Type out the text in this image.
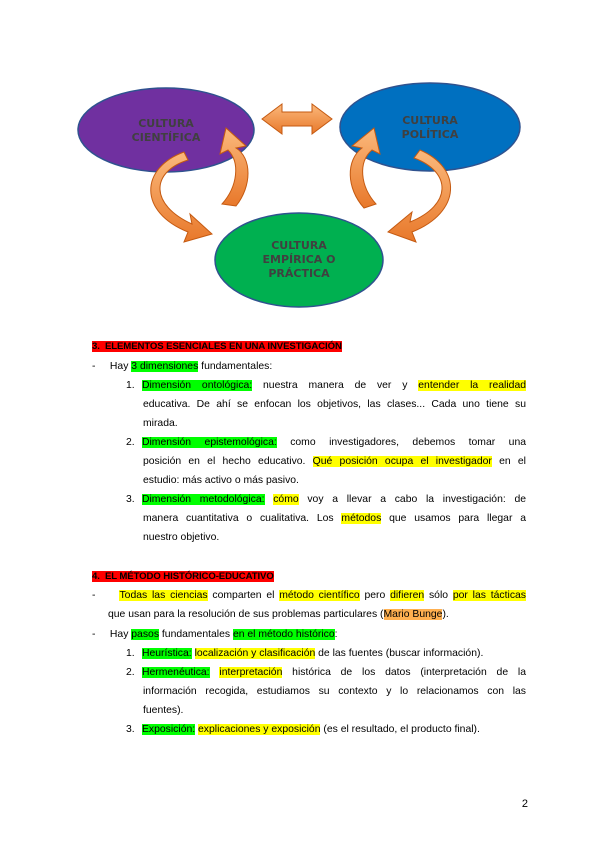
CULTURA
CIENTÍFICA
CULTURA
POLÍTICA
CULTURA
EMPÍRICA O
PRÁCTICA
3. ELEMENTOS ESENCIALES EN UNA INVESTIGACIÓN
-     Hay 3 dimensiones fundamentales:
1. Dimensión ontológica: nuestra manera de ver y entender la realidad
educativa. De ahí se enfocan los objetivos, las clases... Cada uno tiene su
mirada.
2. Dimensión epistemológica: como investigadores, debemos tomar una
posición en el hecho educativo. Qué posición ocupa el investigador en el
estudio: más activo o más pasivo.
3. Dimensión metodológica: cómo voy a llevar a cabo la investigación: de
manera cuantitativa o cualitativa. Los métodos que usamos para llegar a
nuestro objetivo.
4. EL MÉTODO HISTÓRICO-EDUCATIVO
-     Todas las ciencias comparten el método científico pero difieren sólo por las tácticas
que usan para la resolución de sus problemas particulares (Mario Bunge).
-     Hay pasos fundamentales en el método histórico:
1. Heurística: localización y clasificación de las fuentes (buscar información).
2. Hermenéutica: interpretación histórica de los datos (interpretación de la
información recogida, estudiamos su contexto y lo relacionamos con las
fuentes).
3. Exposición: explicaciones y exposición (es el resultado, el producto final).
2
